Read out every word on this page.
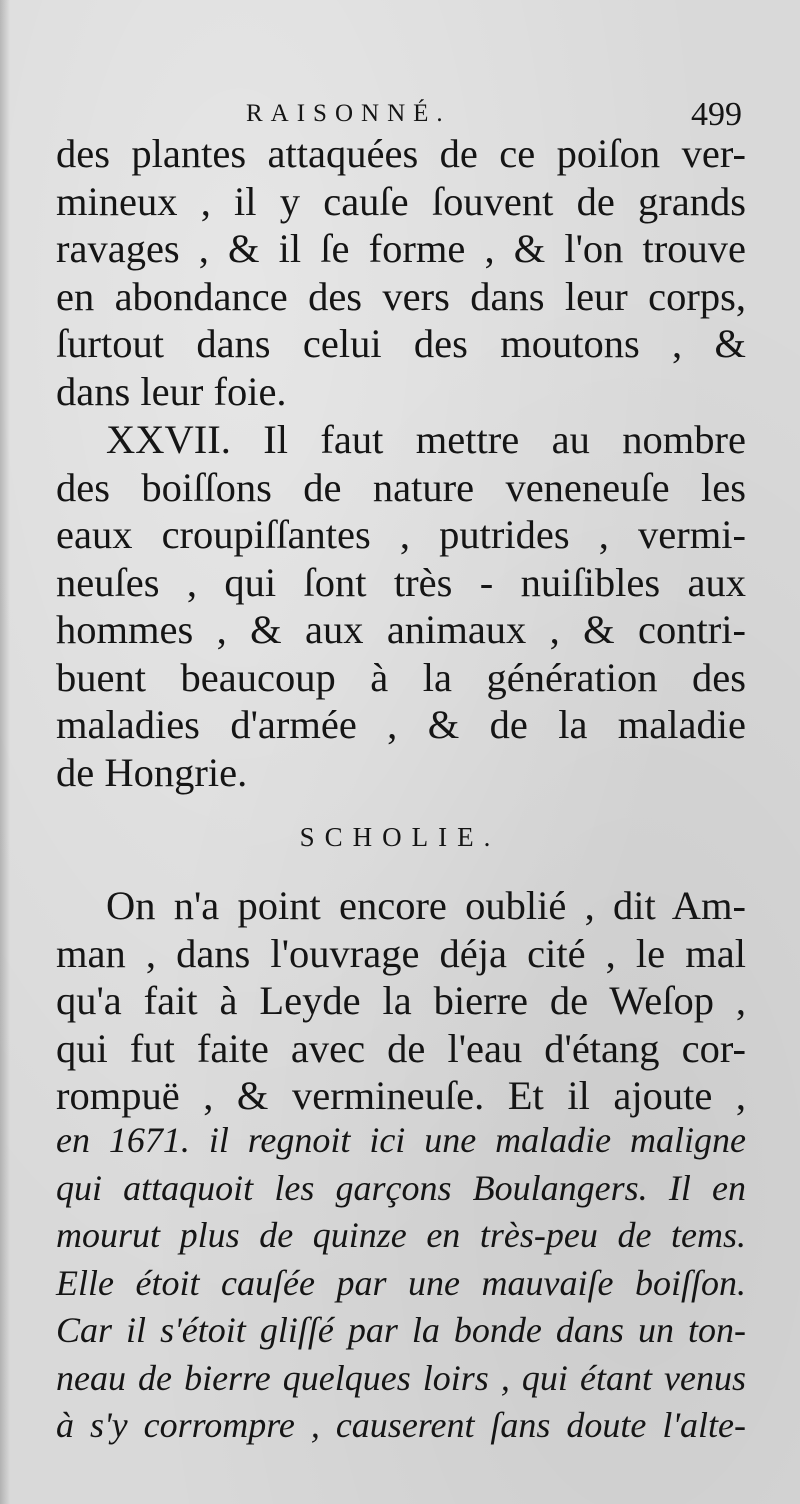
RAISONNÉ.	499
des plantes attaquées de ce poiſon ver-
mineux , il y cauſe ſouvent de grands
ravages , & il ſe forme , & l'on trouve
en abondance des vers dans leur corps,
ſurtout dans celui des moutons , &
dans leur foie.
XXVII. Il faut mettre au nombre
des boiſſons de nature veneneuſe les
eaux croupiſſantes , putrides , vermi-
neuſes , qui ſont très - nuiſibles aux
hommes , & aux animaux , & contri-
buent beaucoup à la génération des
maladies d'armée , & de la maladie
de Hongrie.
SCHOLIE.
On n'a point encore oublié , dit Am-
man , dans l'ouvrage déja cité , le mal
qu'a fait à Leyde la bierre de Weſop ,
qui fut faite avec de l'eau d'étang cor-
rompuë , & vermineuſe. Et il ajoute ,
en 1671. il regnoit ici une maladie maligne
qui attaquoit les garçons Boulangers. Il en
mourut plus de quinze en très-peu de tems.
Elle étoit cauſée par une mauvaiſe boiſſon.
Car il s'étoit gliſſé par la bonde dans un ton-
neau de bierre quelques loirs , qui étant venus
à s'y corrompre , causerent ſans doute l'alte-
